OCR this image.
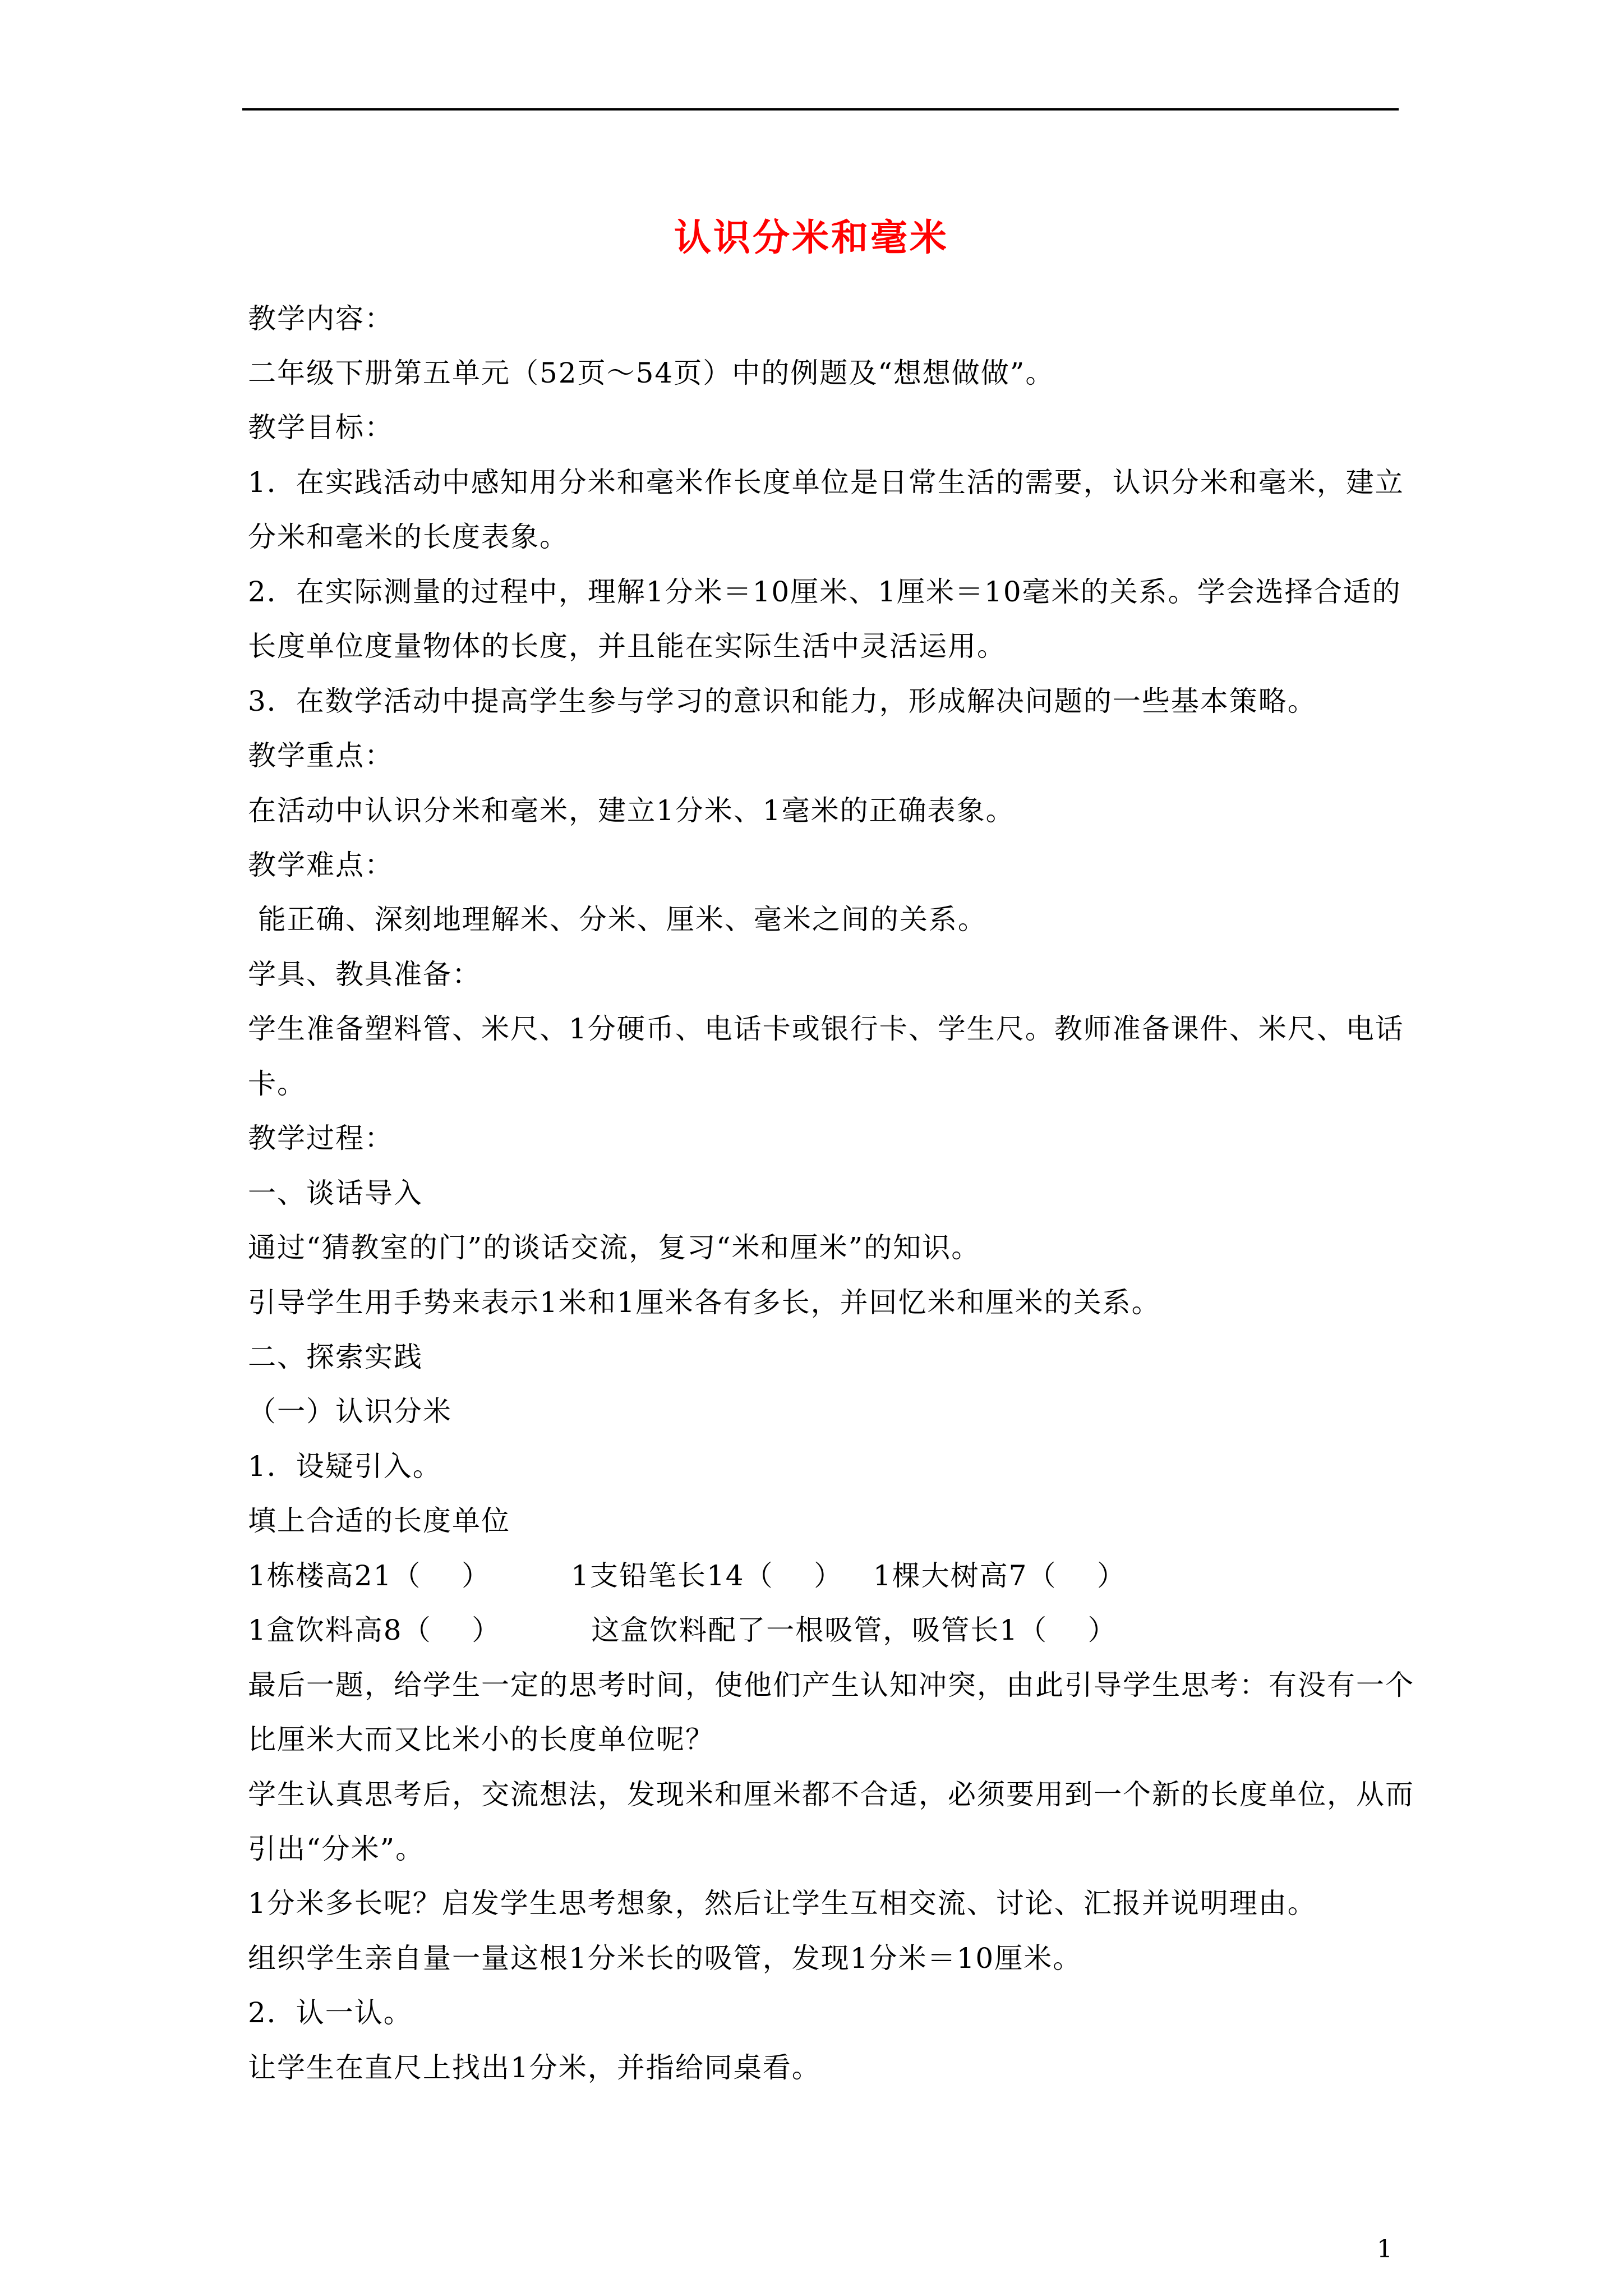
认识分米和毫米
教学内容：
二年级下册第五单元（52页～54页）中的例题及“想想做做”。
教学目标：
1．在实践活动中感知用分米和毫米作长度单位是日常生活的需要，认识分米和毫米，建立
分米和毫米的长度表象。
2．在实际测量的过程中，理解1分米＝10厘米、1厘米＝10毫米的关系。学会选择合适的
长度单位度量物体的长度，并且能在实际生活中灵活运用。
3．在数学活动中提高学生参与学习的意识和能力，形成解决问题的一些基本策略。
教学重点：
在活动中认识分米和毫米，建立1分米、1毫米的正确表象。
教学难点：
能正确、深刻地理解米、分米、厘米、毫米之间的关系。
学具、教具准备：
学生准备塑料管、米尺、1分硬币、电话卡或银行卡、学生尺。教师准备课件、米尺、电话
卡。
教学过程：
一、谈话导入
通过“猜教室的门”的谈话交流，复习“米和厘米”的知识。
引导学生用手势来表示1米和1厘米各有多长，并回忆米和厘米的关系。
二、探索实践
（一）认识分米
1．设疑引入。
填上合适的长度单位
1栋楼高21（    ）        1支铅笔长14（    ）   1棵大树高7（    ）
1盒饮料高8（    ）         这盒饮料配了一根吸管，吸管长1（    ）
最后一题，给学生一定的思考时间，使他们产生认知冲突，由此引导学生思考：有没有一个
比厘米大而又比米小的长度单位呢？
学生认真思考后，交流想法，发现米和厘米都不合适，必须要用到一个新的长度单位，从而
引出“分米”。
1分米多长呢？启发学生思考想象，然后让学生互相交流、讨论、汇报并说明理由。
组织学生亲自量一量这根1分米长的吸管，发现1分米＝10厘米。
2．认一认。
让学生在直尺上找出1分米，并指给同桌看。
1
